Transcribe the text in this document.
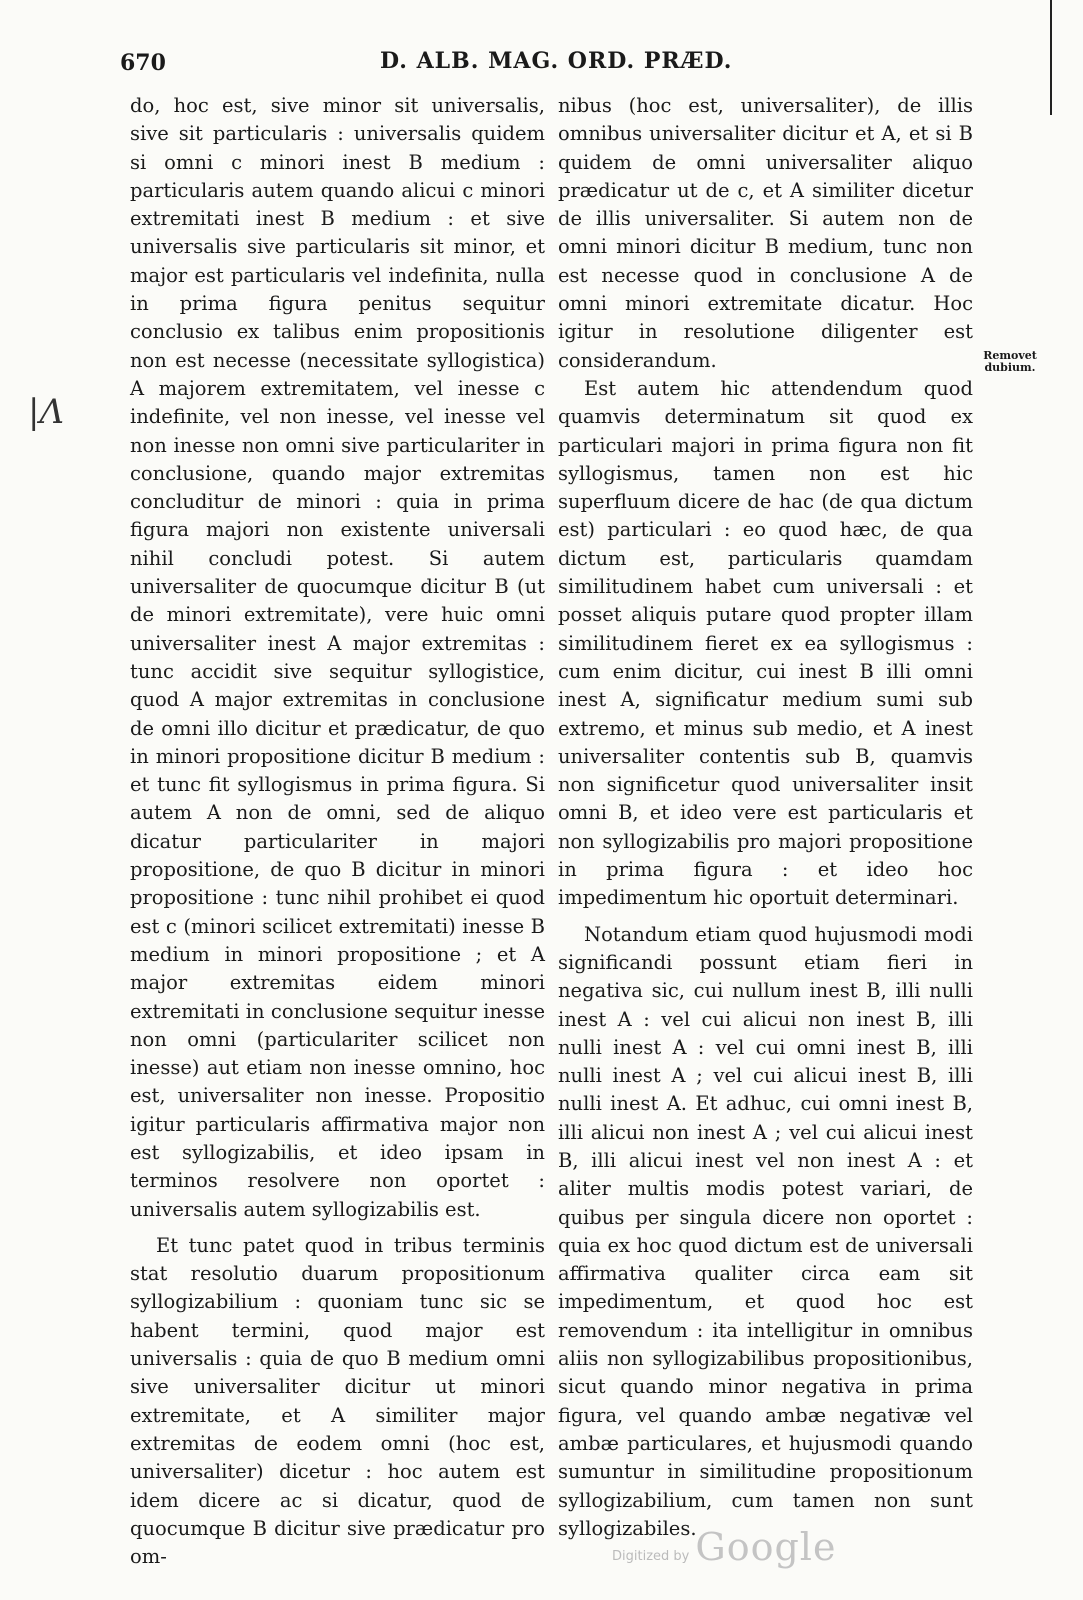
670	D. ALB. MAG. ORD. PRÆD.
|Λ
Removet dubium.

do, hoc est, sive minor sit universalis, sive sit particularis : universalis quidem si omni c minori inest B medium : particularis autem quando alicui c minori extremitati inest B medium : et sive universalis sive particularis sit minor, et major est particularis vel indefinita, nulla in prima figura penitus sequitur conclusio ex talibus enim propositionis non est necesse (necessitate syllogistica) A majorem extremitatem, vel inesse c indefinite, vel non inesse, vel inesse vel non inesse non omni sive particulariter in conclusione, quando major extremitas concluditur de minori : quia in prima figura majori non existente universali nihil concludi potest. Si autem universaliter de quocumque dicitur B (ut de minori extremitate), vere huic omni universaliter inest A major extremitas : tunc accidit sive sequitur syllogistice, quod A major extremitas in conclusione de omni illo dicitur et prædicatur, de quo in minori propositione dicitur B medium : et tunc fit syllogismus in prima figura. Si autem A non de omni, sed de aliquo dicatur particulariter in majori propositione, de quo B dicitur in minori propositione : tunc nihil prohibet ei quod est c (minori scilicet extremitati) inesse B medium in minori propositione ; et A major extremitas eidem minori extremitati in conclusione sequitur inesse non omni (particulariter scilicet non inesse) aut etiam non inesse omnino, hoc est, universaliter non inesse. Propositio igitur particularis affirmativa major non est syllogizabilis, et ideo ipsam in terminos resolvere non oportet : universalis autem syllogizabilis est.

Et tunc patet quod in tribus terminis stat resolutio duarum propositionum syllogizabilium : quoniam tunc sic se habent termini, quod major est universalis : quia de quo B medium omni sive universaliter dicitur ut minori extremitate, et A similiter major extremitas de eodem omni (hoc est, universaliter) dicetur : hoc autem est idem dicere ac si dicatur, quod de quocumque B dicitur sive prædicatur pro om-

nibus (hoc est, universaliter), de illis omnibus universaliter dicitur et A, et si B quidem de omni universaliter aliquo prædicatur ut de c, et A similiter dicetur de illis universaliter. Si autem non de omni minori dicitur B medium, tunc non est necesse quod in conclusione A de omni minori extremitate dicatur. Hoc igitur in resolutione diligenter est considerandum.

Est autem hic attendendum quod quamvis determinatum sit quod ex particulari majori in prima figura non fit syllogismus, tamen non est hic superfluum dicere de hac (de qua dictum est) particulari : eo quod hæc, de qua dictum est, particularis quamdam similitudinem habet cum universali : et posset aliquis putare quod propter illam similitudinem fieret ex ea syllogismus : cum enim dicitur, cui inest B illi omni inest A, significatur medium sumi sub extremo, et minus sub medio, et A inest universaliter contentis sub B, quamvis non significetur quod universaliter insit omni B, et ideo vere est particularis et non syllogizabilis pro majori propositione in prima figura : et ideo hoc impedimentum hic oportuit determinari.

Notandum etiam quod hujusmodi modi significandi possunt etiam fieri in negativa sic, cui nullum inest B, illi nulli inest A : vel cui alicui non inest B, illi nulli inest A : vel cui omni inest B, illi nulli inest A ; vel cui alicui inest B, illi nulli inest A. Et adhuc, cui omni inest B, illi alicui non inest A ; vel cui alicui inest B, illi alicui inest vel non inest A : et aliter multis modis potest variari, de quibus per singula dicere non oportet : quia ex hoc quod dictum est de universali affirmativa qualiter circa eam sit impedimentum, et quod hoc est removendum : ita intelligitur in omnibus aliis non syllogizabilibus propositionibus, sicut quando minor negativa in prima figura, vel quando ambæ negativæ vel ambæ particulares, et hujusmodi quando sumuntur in similitudine propositionum syllogizabilium, cum tamen non sunt syllogizabiles.

Digitized by Google
